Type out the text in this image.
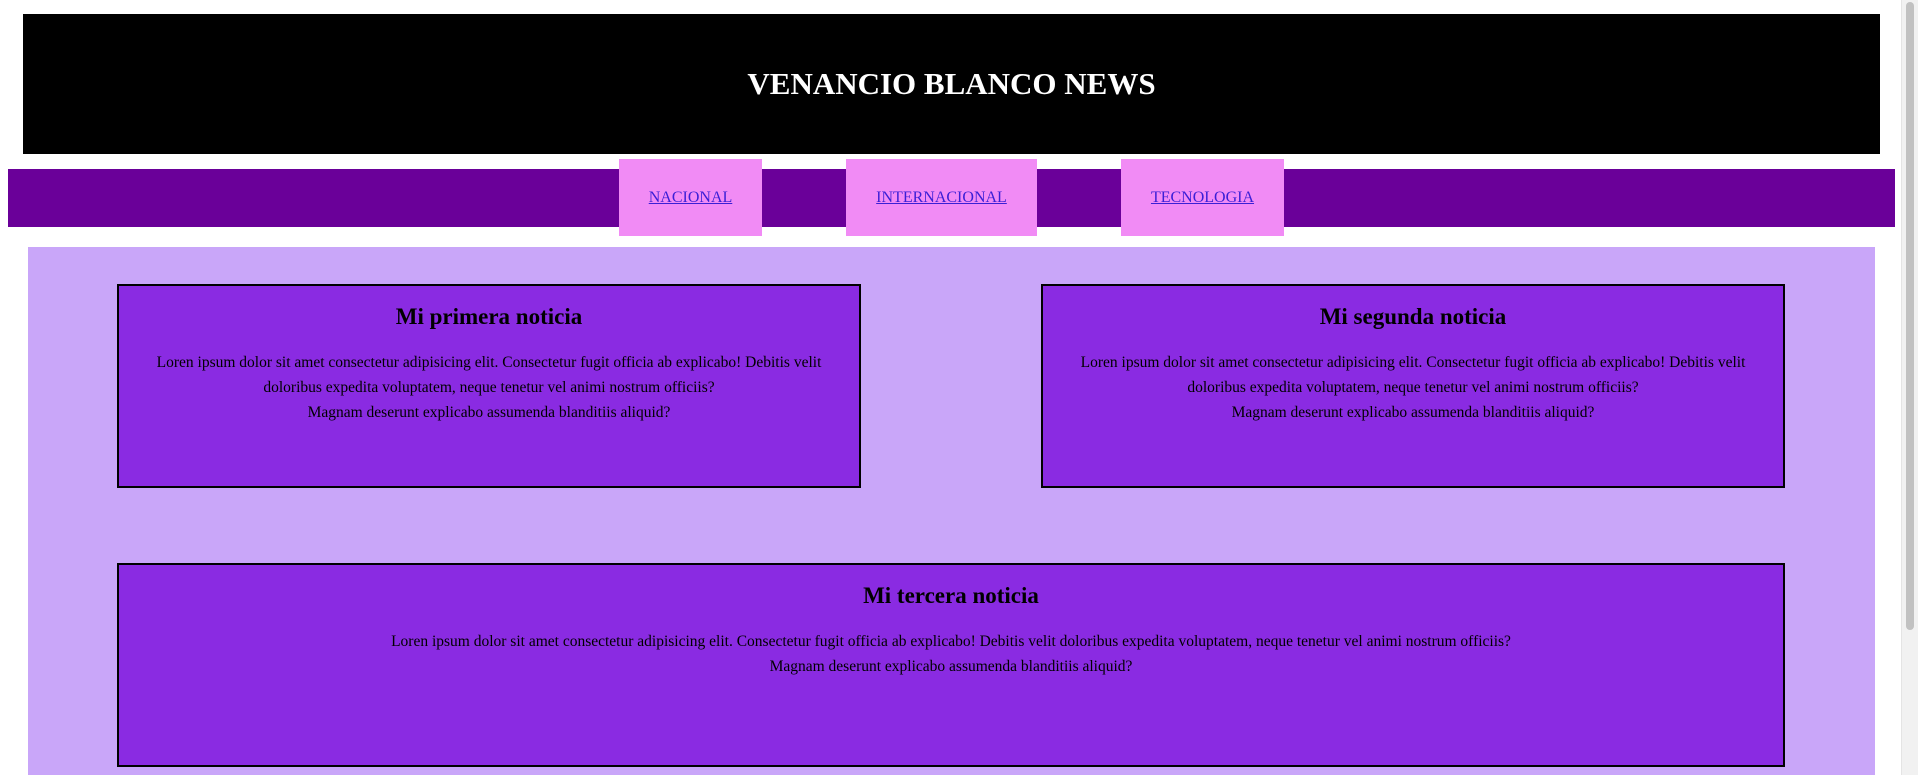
VENANCIO BLANCO NEWS
NACIONAL	INTERNACIONAL	TECNOLOGIA
Mi primera noticia

Loren ipsum dolor sit amet consectetur adipisicing elit. Consectetur fugit officia ab explicabo! Debitis velit doloribus expedita voluptatem, neque tenetur vel animi nostrum officiis?
Magnam deserunt explicabo assumenda blanditiis aliquid?

Mi segunda noticia

Loren ipsum dolor sit amet consectetur adipisicing elit. Consectetur fugit officia ab explicabo! Debitis velit doloribus expedita voluptatem, neque tenetur vel animi nostrum officiis?
Magnam deserunt explicabo assumenda blanditiis aliquid?

Mi tercera noticia

Loren ipsum dolor sit amet consectetur adipisicing elit. Consectetur fugit officia ab explicabo! Debitis velit doloribus expedita voluptatem, neque tenetur vel animi nostrum officiis?
Magnam deserunt explicabo assumenda blanditiis aliquid?
